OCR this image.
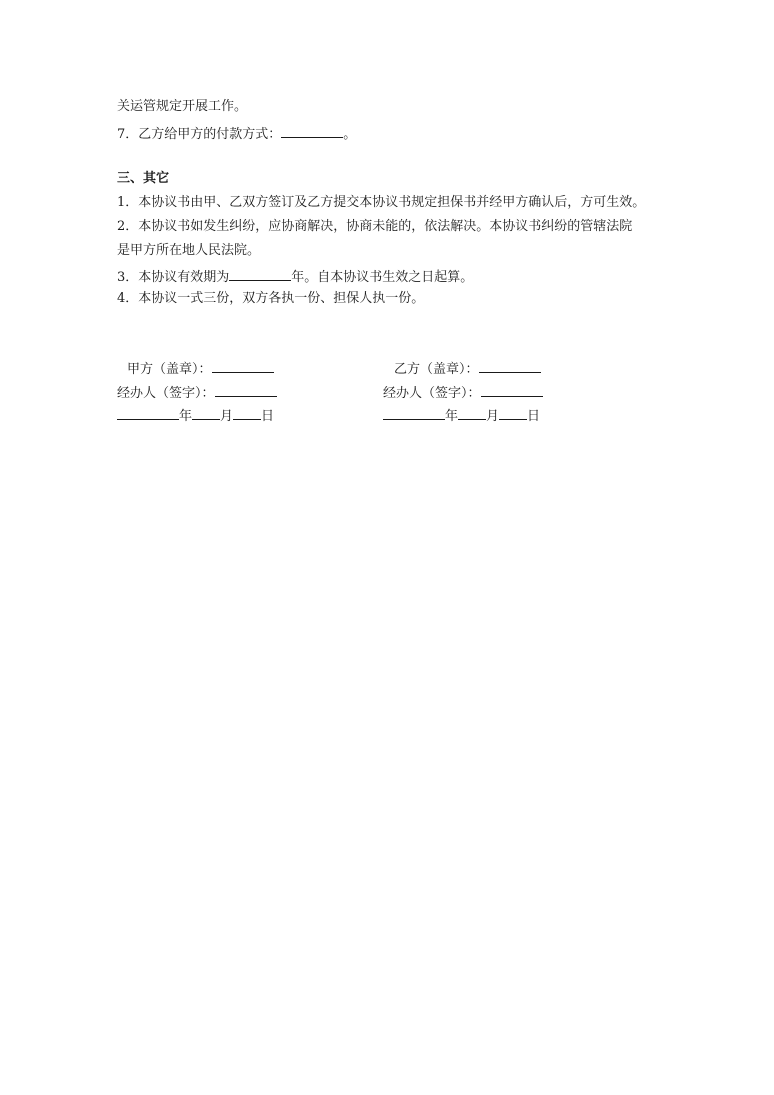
关运管规定开展工作。
7．乙方给甲方的付款方式：	。
三、其它
1．本协议书由甲、乙双方签订及乙方提交本协议书规定担保书并经甲方确认后，方可生效。
2．本协议书如发生纠纷，应协商解决，协商未能的，依法解决。本协议书纠纷的管辖法院
是甲方所在地人民法院。
3．本协议有效期为	年。自本协议书生效之日起算。
4．本协议一式三份，双方各执一份、担保人执一份。
甲方（盖章）：
经办人（签字）：
年 月 日
乙方（盖章）：
经办人（签字）：
年 月 日
